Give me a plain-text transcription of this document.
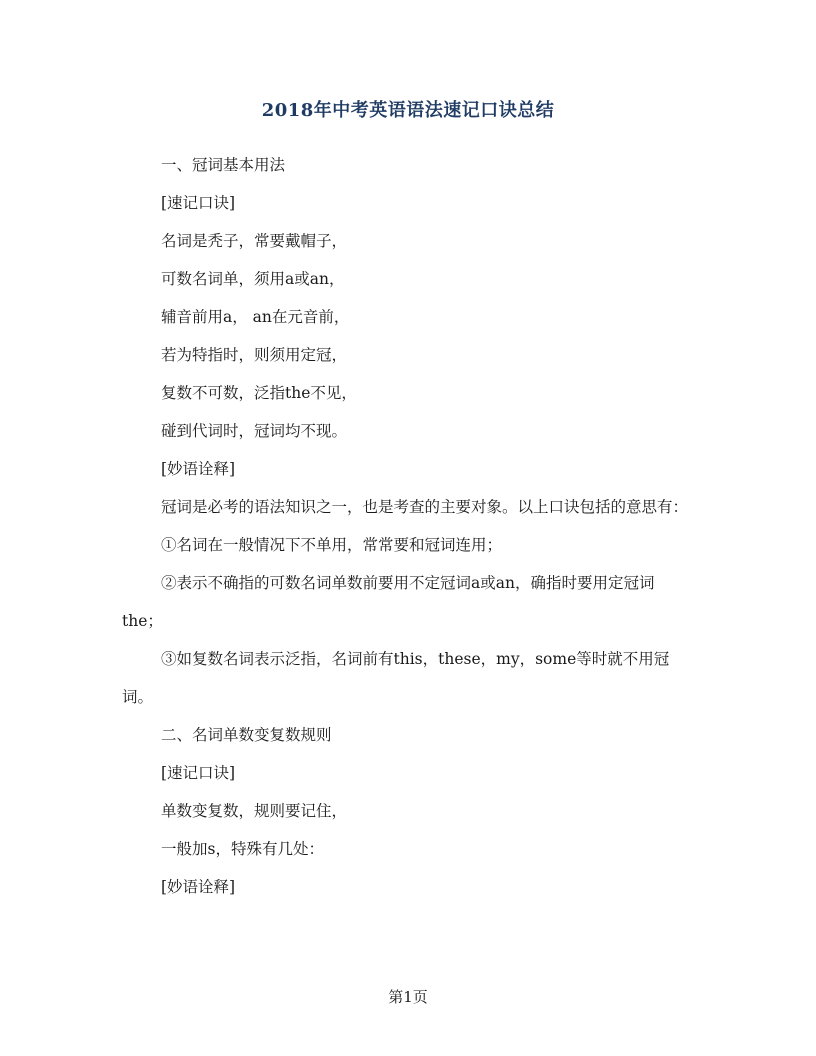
2018年中考英语语法速记口诀总结

一、冠词基本用法

[速记口诀]

名词是秃子，常要戴帽子，

可数名词单，须用a或an，

辅音前用a， an在元音前，

若为特指时，则须用定冠，

复数不可数，泛指the不见，

碰到代词时，冠词均不现。

[妙语诠释]

冠词是必考的语法知识之一，也是考查的主要对象。以上口诀包括的意思有：

①名词在一般情况下不单用，常常要和冠词连用；

②表示不确指的可数名词单数前要用不定冠词a或an，确指时要用定冠词the；

③如复数名词表示泛指，名词前有this，these，my，some等时就不用冠词。

二、名词单数变复数规则

[速记口诀]

单数变复数，规则要记住，

一般加s，特殊有几处：

[妙语诠释]

第1页
